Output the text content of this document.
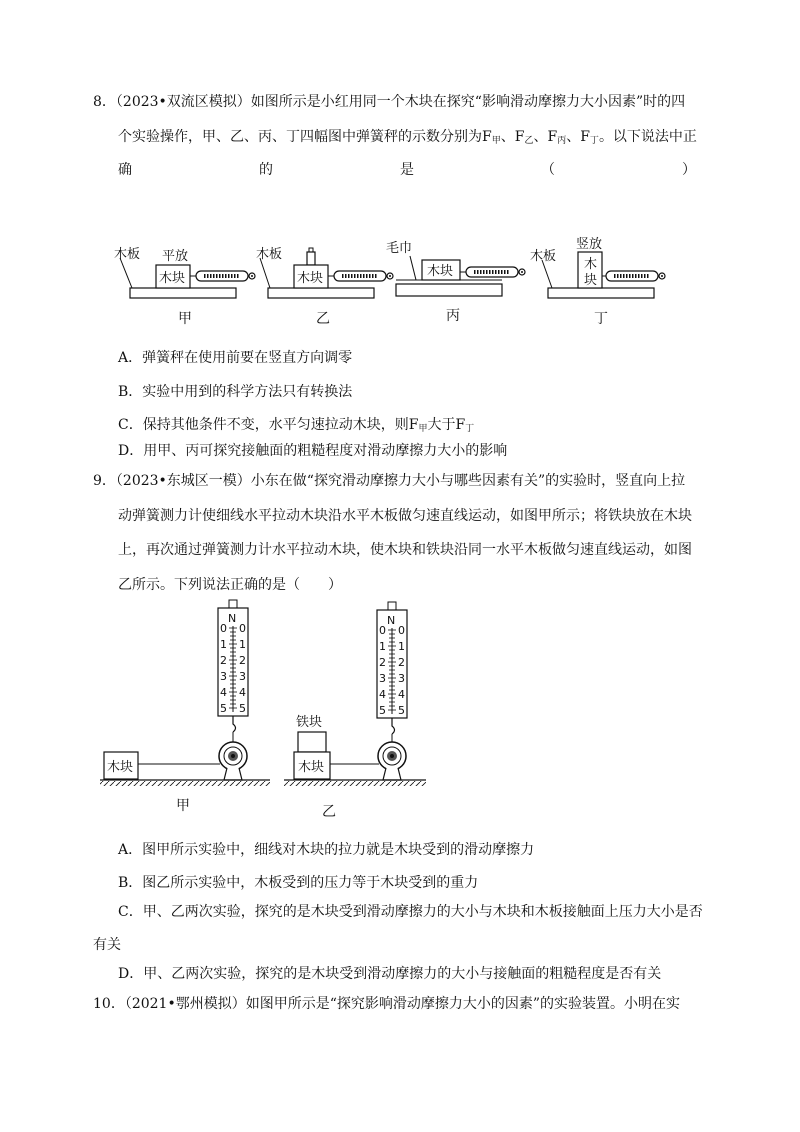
8．（2023•双流区模拟）如图所示是小红用同一个木块在探究“影响滑动摩擦力大小因素”时的四
个实验操作，甲、乙、丙、丁四幅图中弹簧秤的示数分别为$F_甲$、$F_乙$、$F_丙$、$F_丁$。以下说法中正
确	的	是	（	）
木板 平放
木块
甲
木板
木块
乙
毛巾
木块
丙
木板
竖放
木
块
丁
A．弹簧秤在使用前要在竖直方向调零
B．实验中用到的科学方法只有转换法
C．保持其他条件不变，水平匀速拉动木块，则$F_甲$大于$F_丁$
D．用甲、丙可探究接触面的粗糙程度对滑动摩擦力大小的影响
9．（2023•东城区一模）小东在做“探究滑动摩擦力大小与哪些因素有关”的实验时，竖直向上拉
动弹簧测力计使细线水平拉动木块沿水平木板做匀速直线运动，如图甲所示；将铁块放在木块
上，再次通过弹簧测力计水平拉动木块，使木块和铁块沿同一水平木板做匀速直线运动，如图
乙所示。下列说法正确的是（　　）
N
0
1
2
3
4
5
0
1
2
3
4
5
木块
甲
N
0
1
2
3
4
5
0
1
2
3
4
5
铁块
木块
乙
A．图甲所示实验中，细线对木块的拉力就是木块受到的滑动摩擦力
B．图乙所示实验中，木板受到的压力等于木块受到的重力
C．甲、乙两次实验，探究的是木块受到滑动摩擦力的大小与木块和木板接触面上压力大小是否
有关
D．甲、乙两次实验，探究的是木块受到滑动摩擦力的大小与接触面的粗糙程度是否有关
10．（2021•鄂州模拟）如图甲所示是“探究影响滑动摩擦力大小的因素”的实验装置。小明在实
